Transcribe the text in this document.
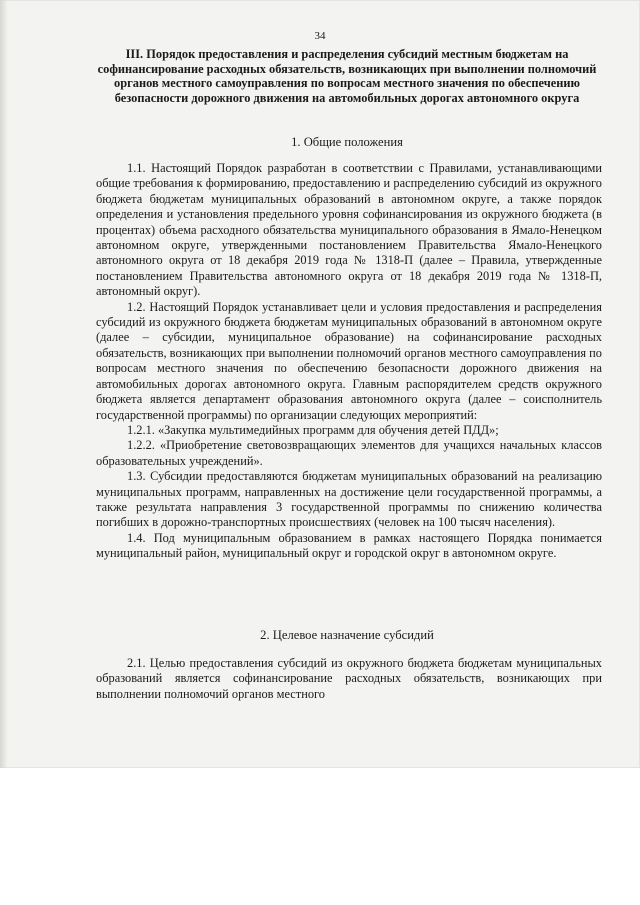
34
III. Порядок предоставления и распределения субсидий местным бюджетам на софинансирование расходных обязательств, возникающих при выполнении полномочий органов местного самоуправления по вопросам местного значения по обеспечению безопасности дорожного движения на автомобильных дорогах автономного округа
1. Общие положения

1.1. Настоящий Порядок разработан в соответствии с Правилами, устанавливающими общие требования к формированию, предоставлению и распределению субсидий из окружного бюджета бюджетам муниципальных образований в автономном округе, а также порядок определения и установления предельного уровня софинансирования из окружного бюджета (в процентах) объема расходного обязательства муниципального образования в Ямало-Ненецком автономном округе, утвержденными постановлением Правительства Ямало-Ненецкого автономного округа от 18 декабря 2019 года № 1318-П (далее – Правила, утвержденные постановлением Правительства автономного округа от 18 декабря 2019 года № 1318-П, автономный округ).

1.2. Настоящий Порядок устанавливает цели и условия предоставления и распределения субсидий из окружного бюджета бюджетам муниципальных образований в автономном округе (далее – субсидии, муниципальное образование) на софинансирование расходных обязательств, возникающих при выполнении полномочий органов местного самоуправления по вопросам местного значения по обеспечению безопасности дорожного движения на автомобильных дорогах автономного округа. Главным распорядителем средств окружного бюджета является департамент образования автономного округа (далее – соисполнитель государственной программы) по организации следующих мероприятий:

1.2.1. «Закупка мультимедийных программ для обучения детей ПДД»;

1.2.2. «Приобретение световозвращающих элементов для учащихся начальных классов образовательных учреждений».

1.3. Субсидии предоставляются бюджетам муниципальных образований на реализацию муниципальных программ, направленных на достижение цели государственной программы, а также результата направления 3 государственной программы по снижению количества погибших в дорожно-транспортных происшествиях (человек на 100 тысяч населения).

1.4. Под муниципальным образованием в рамках настоящего Порядка понимается муниципальный район, муниципальный округ и городской округ в автономном округе.

2. Целевое назначение субсидий

2.1. Целью предоставления субсидий из окружного бюджета бюджетам муниципальных образований является софинансирование расходных обязательств, возникающих при выполнении полномочий органов местного
